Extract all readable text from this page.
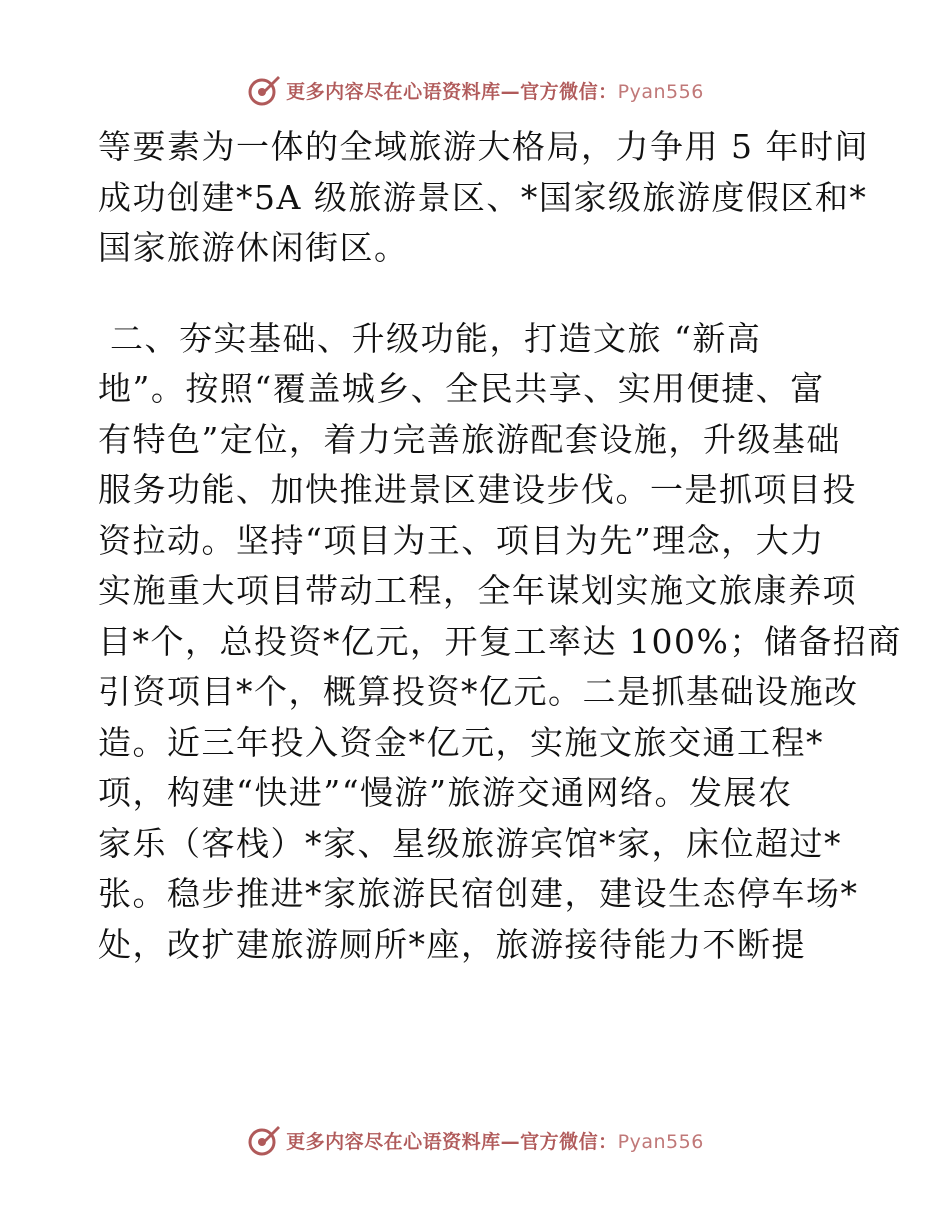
更多内容尽在心语资料库—官方微信：Pyan556
等要素为一体的全域旅游大格局，力争用 5 年时间
成功创建*5A 级旅游景区、*国家级旅游度假区和*
国家旅游休闲街区。
二、夯实基础、升级功能，打造文旅 “新高
地”。按照“覆盖城乡、全民共享、实用便捷、富
有特色”定位，着力完善旅游配套设施，升级基础
服务功能、加快推进景区建设步伐。一是抓项目投
资拉动。坚持“项目为王、项目为先”理念，大力
实施重大项目带动工程，全年谋划实施文旅康养项
目*个，总投资*亿元，开复工率达 100%；储备招商
引资项目*个，概算投资*亿元。二是抓基础设施改
造。近三年投入资金*亿元，实施文旅交通工程*
项，构建“快进”“慢游”旅游交通网络。发展农
家乐（客栈）*家、星级旅游宾馆*家，床位超过*
张。稳步推进*家旅游民宿创建，建设生态停车场*
处，改扩建旅游厕所*座，旅游接待能力不断提
更多内容尽在心语资料库—官方微信：Pyan556
